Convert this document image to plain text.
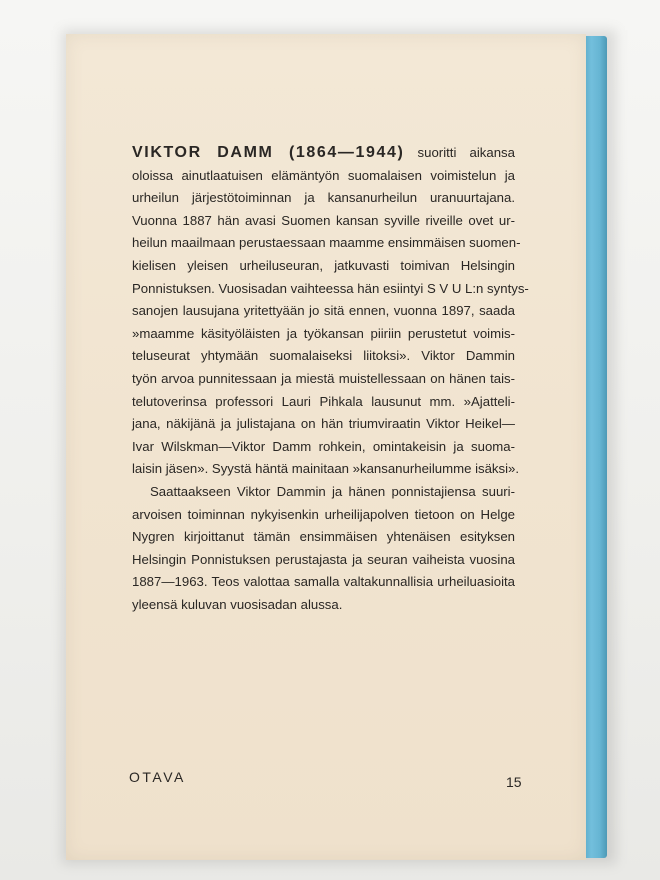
VIKTOR DAMM (1864—1944) suoritti aikansa
oloissa ainutlaatuisen elämäntyön suomalaisen voimistelun ja
urheilun järjestötoiminnan ja kansanurheilun uranuurtajana.
Vuonna 1887 hän avasi Suomen kansan syville riveille ovet ur-
heilun maailmaan perustaessaan maamme ensimmäisen suomen-
kielisen yleisen urheiluseuran, jatkuvasti toimivan Helsingin
Ponnistuksen. Vuosisadan vaihteessa hän esiintyi S V U L:n syntys-
sanojen lausujana yritettyään jo sitä ennen, vuonna 1897, saada
»maamme käsityöläisten ja työkansan piiriin perustetut voimis-
teluseurat yhtymään suomalaiseksi liitoksi». Viktor Dammin
työn arvoa punnitessaan ja miestä muistellessaan on hänen tais-
telutoverinsa professori Lauri Pihkala lausunut mm. »Ajatteli-
jana, näkijänä ja julistajana on hän triumviraatin Viktor Heikel—
Ivar Wilskman—Viktor Damm rohkein, omintakeisin ja suoma-
laisin jäsen». Syystä häntä mainitaan »kansanurheilumme isäksi».
Saattaakseen Viktor Dammin ja hänen ponnistajiensa suuri-
arvoisen toiminnan nykyisenkin urheilijapolven tietoon on Helge
Nygren kirjoittanut tämän ensimmäisen yhtenäisen esityksen
Helsingin Ponnistuksen perustajasta ja seuran vaiheista vuosina
1887—1963. Teos valottaa samalla valtakunnallisia urheiluasioita
yleensä kuluvan vuosisadan alussa.
OTAVA	15
